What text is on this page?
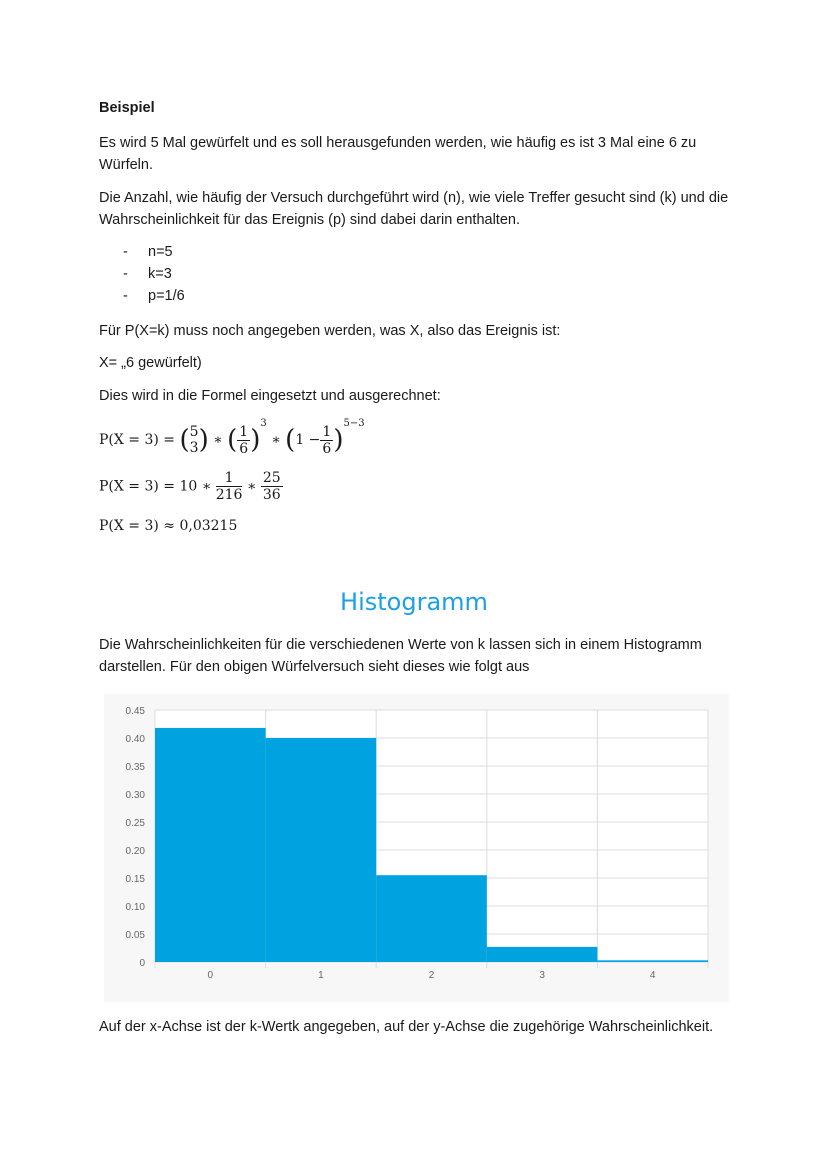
Beispiel

Es wird 5 Mal gewürfelt und es soll herausgefunden werden, wie häufig es ist 3 Mal eine 6 zu Würfeln.

Die Anzahl, wie häufig der Versuch durchgeführt wird (n), wie viele Treffer gesucht sind (k) und die Wahrscheinlichkeit für das Ereignis (p) sind dabei darin enthalten.

- n=5
- k=3
- p=1/6

Für P(X=k) muss noch angegeben werden, was X, also das Ereignis ist:

X= „6 gewürfelt)

Dies wird in die Formel eingesetzt und ausgerechnet:

P(X = 3) = ( 5
3 ) ∗ ( $\frac{1}{6} )^3$ ∗ $(1 - \frac{1}{6} )^{5-3}$
P(X = 3) = 10 ∗ $\frac{1}{216}$ ∗ $\frac{25}{36}$
P(X = 3) ≈ 0,03215
Histogramm

Die Wahrscheinlichkeiten für die verschiedenen Werte von k lassen sich in einem Histogramm darstellen. Für den obigen Würfelversuch sieht dieses wie folgt aus

0
0.05
0.10
0.15
0.20
0.25
0.30
0.35
0.40
0.45
0	1	2	3	4

Auf der x-Achse ist der k-Wertk angegeben, auf der y-Achse die zugehörige Wahrscheinlichkeit.
